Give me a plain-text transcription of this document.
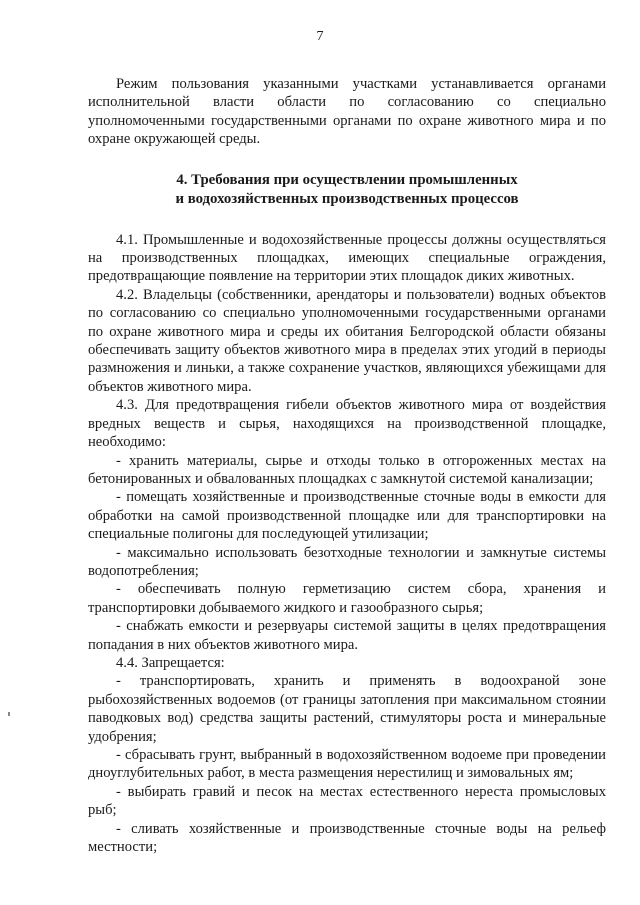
7

Режим пользования указанными участками устанавливается органами исполнительной власти области по согласованию со специально уполномоченными государственными органами по охране животного мира и по охране окружающей среды.

4. Требования при осуществлении промышленных
и водохозяйственных производственных процессов

4.1. Промышленные и водохозяйственные процессы должны осуществляться на производственных площадках, имеющих специальные ограждения, предотвращающие появление на территории этих площадок диких животных.

4.2. Владельцы (собственники, арендаторы и пользователи) водных объектов по согласованию со специально уполномоченными государственными органами по охране животного мира и среды их обитания Белгородской области обязаны обеспечивать защиту объектов животного мира в пределах этих угодий в периоды размножения и линьки, а также сохранение участков, являющихся убежищами для объектов животного мира.

4.3. Для предотвращения гибели объектов животного мира от воздействия вредных веществ и сырья, находящихся на производственной площадке, необходимо:

- хранить материалы, сырье и отходы только в отгороженных местах на бетонированных и обвалованных площадках с замкнутой системой канализации;

- помещать хозяйственные и производственные сточные воды в емкости для обработки на самой производственной площадке или для транспортировки на специальные полигоны для последующей утилизации;

- максимально использовать безотходные технологии и замкнутые системы водопотребления;

- обеспечивать полную герметизацию систем сбора, хранения и транспортировки добываемого жидкого и газообразного сырья;

- снабжать емкости и резервуары системой защиты в целях предотвращения попадания в них объектов животного мира.

4.4. Запрещается:

- транспортировать, хранить и применять в водоохраной зоне рыбохозяйственных водоемов (от границы затопления при максимальном стоянии паводковых вод) средства защиты растений, стимуляторы роста и минеральные удобрения;

- сбрасывать грунт, выбранный в водохозяйственном водоеме при проведении дноуглубительных работ, в места размещения нерестилищ и зимовальных ям;

- выбирать гравий и песок на местах естественного нереста промысловых рыб;

- сливать хозяйственные и производственные сточные воды на рельеф местности;
